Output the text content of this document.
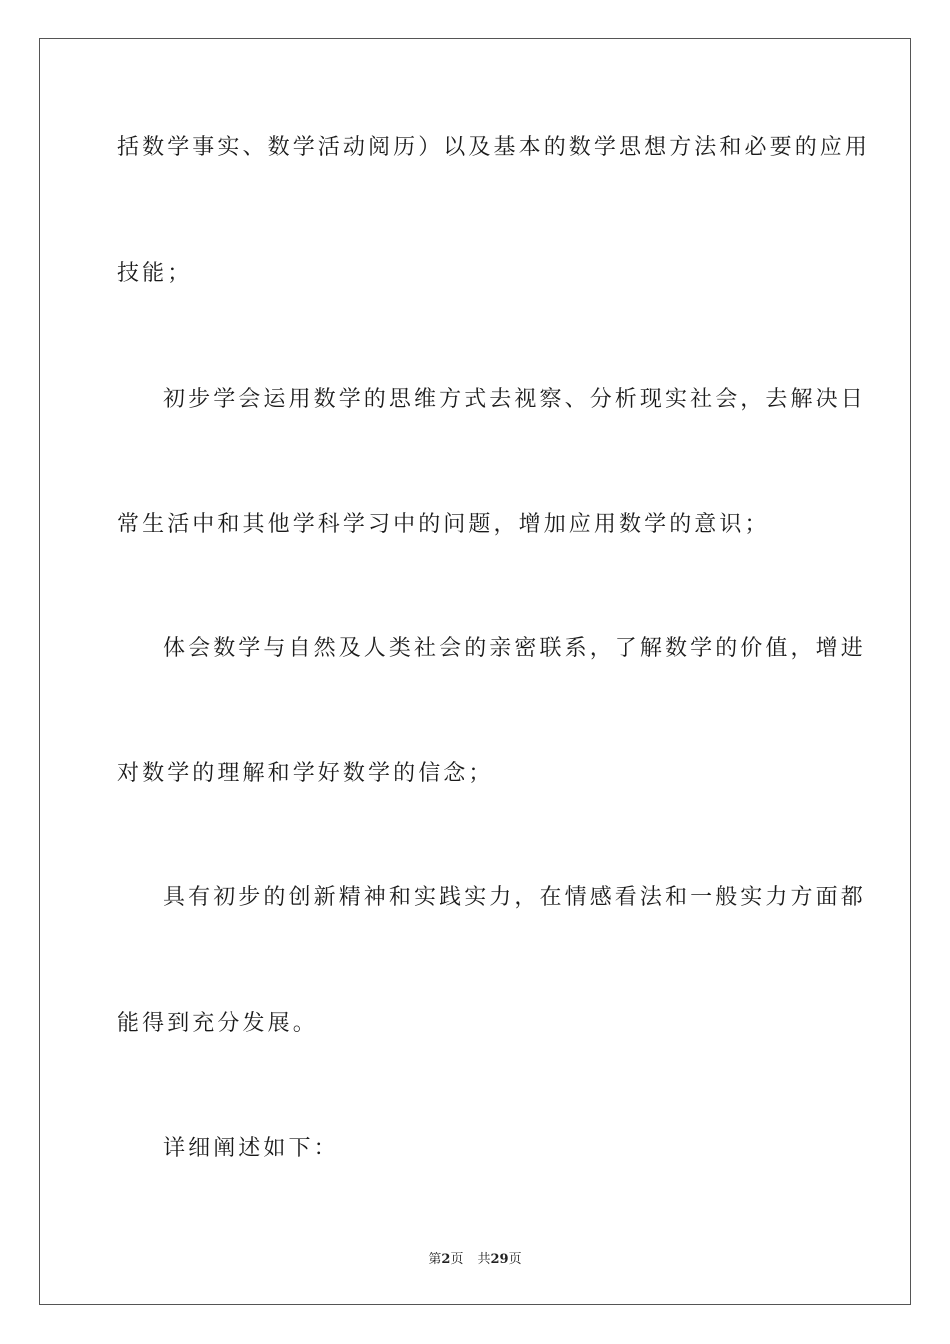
括数学事实、数学活动阅历）以及基本的数学思想方法和必要的应用
技能；
初步学会运用数学的思维方式去视察、分析现实社会，去解决日
常生活中和其他学科学习中的问题，增加应用数学的意识；
体会数学与自然及人类社会的亲密联系，了解数学的价值，增进
对数学的理解和学好数学的信念；
具有初步的创新精神和实践实力，在情感看法和一般实力方面都
能得到充分发展。
详细阐述如下：
第2页 共29页
